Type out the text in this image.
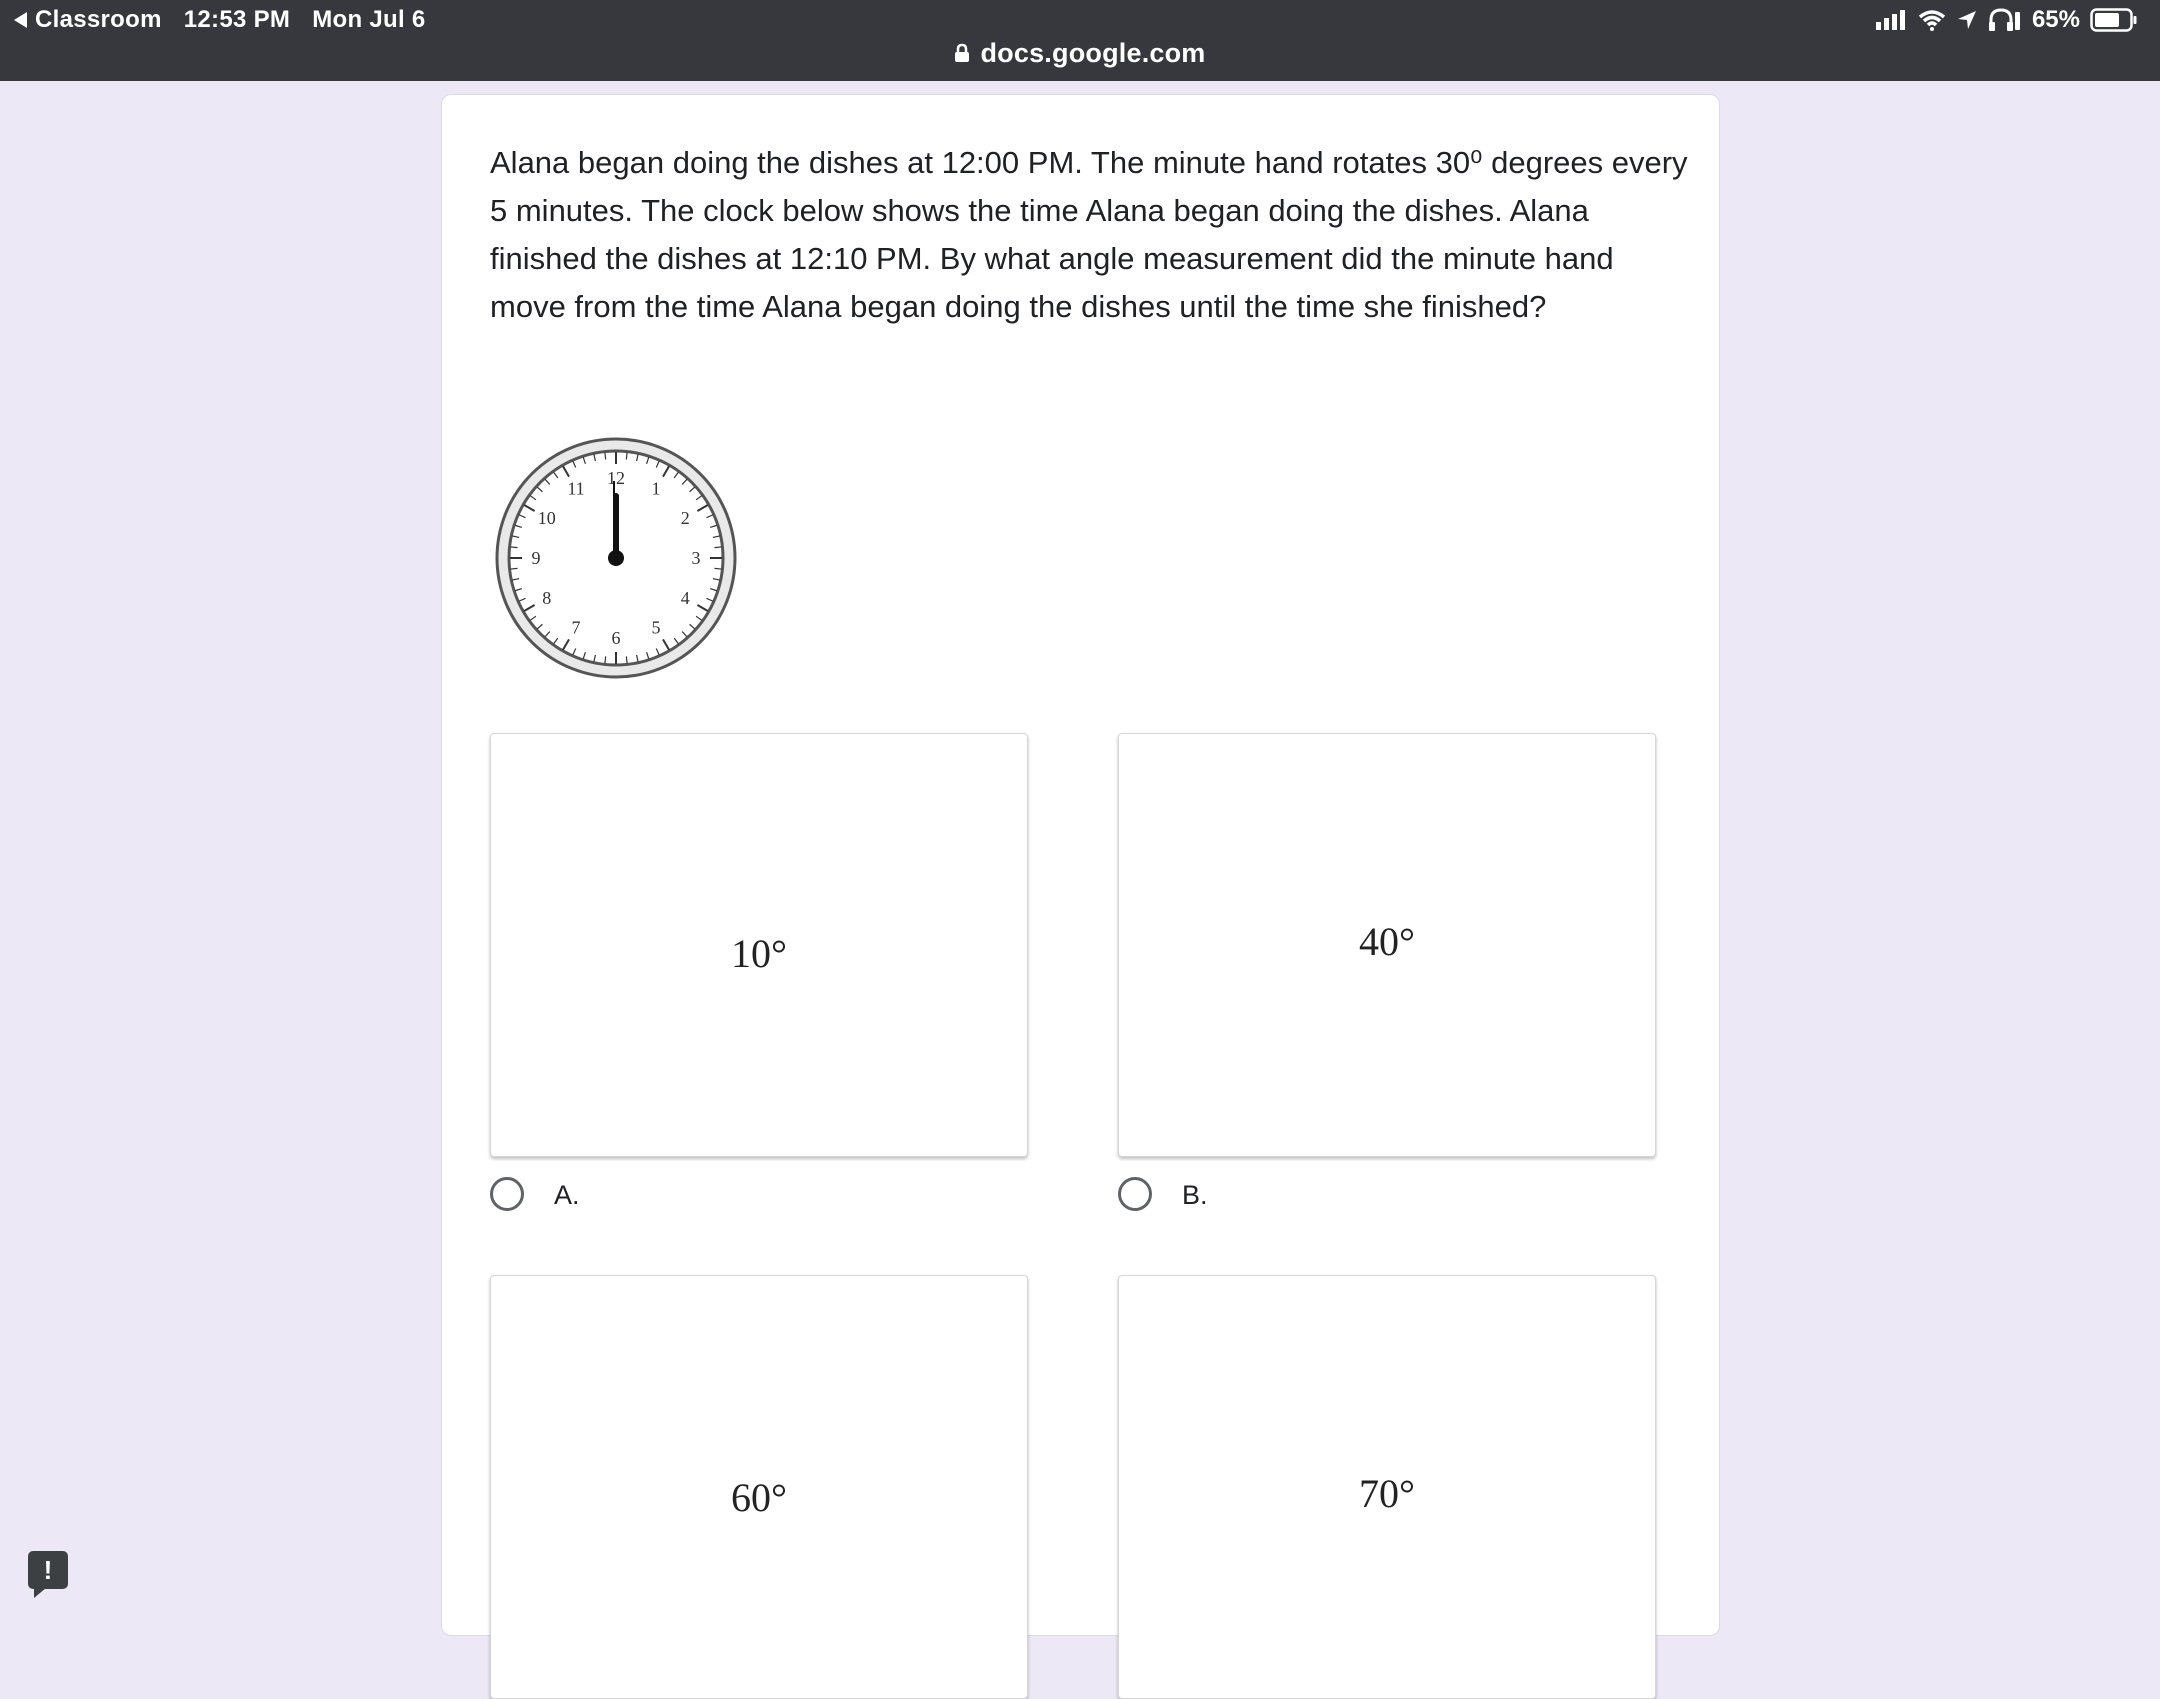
Classroom 12:53 PM Mon Jul 6	65%
docs.google.com
Alana began doing the dishes at 12:00 PM. The minute hand rotates 30⁰ degrees every 5 minutes. The clock below shows the time Alana began doing the dishes. Alana finished the dishes at 12:10 PM. By what angle measurement did the minute hand move from the time Alana began doing the dishes until the time she finished?
12
1
2
3
4
5
6
7
8
9
10
11
10°
A.
40°
B.
60°	70°
!
